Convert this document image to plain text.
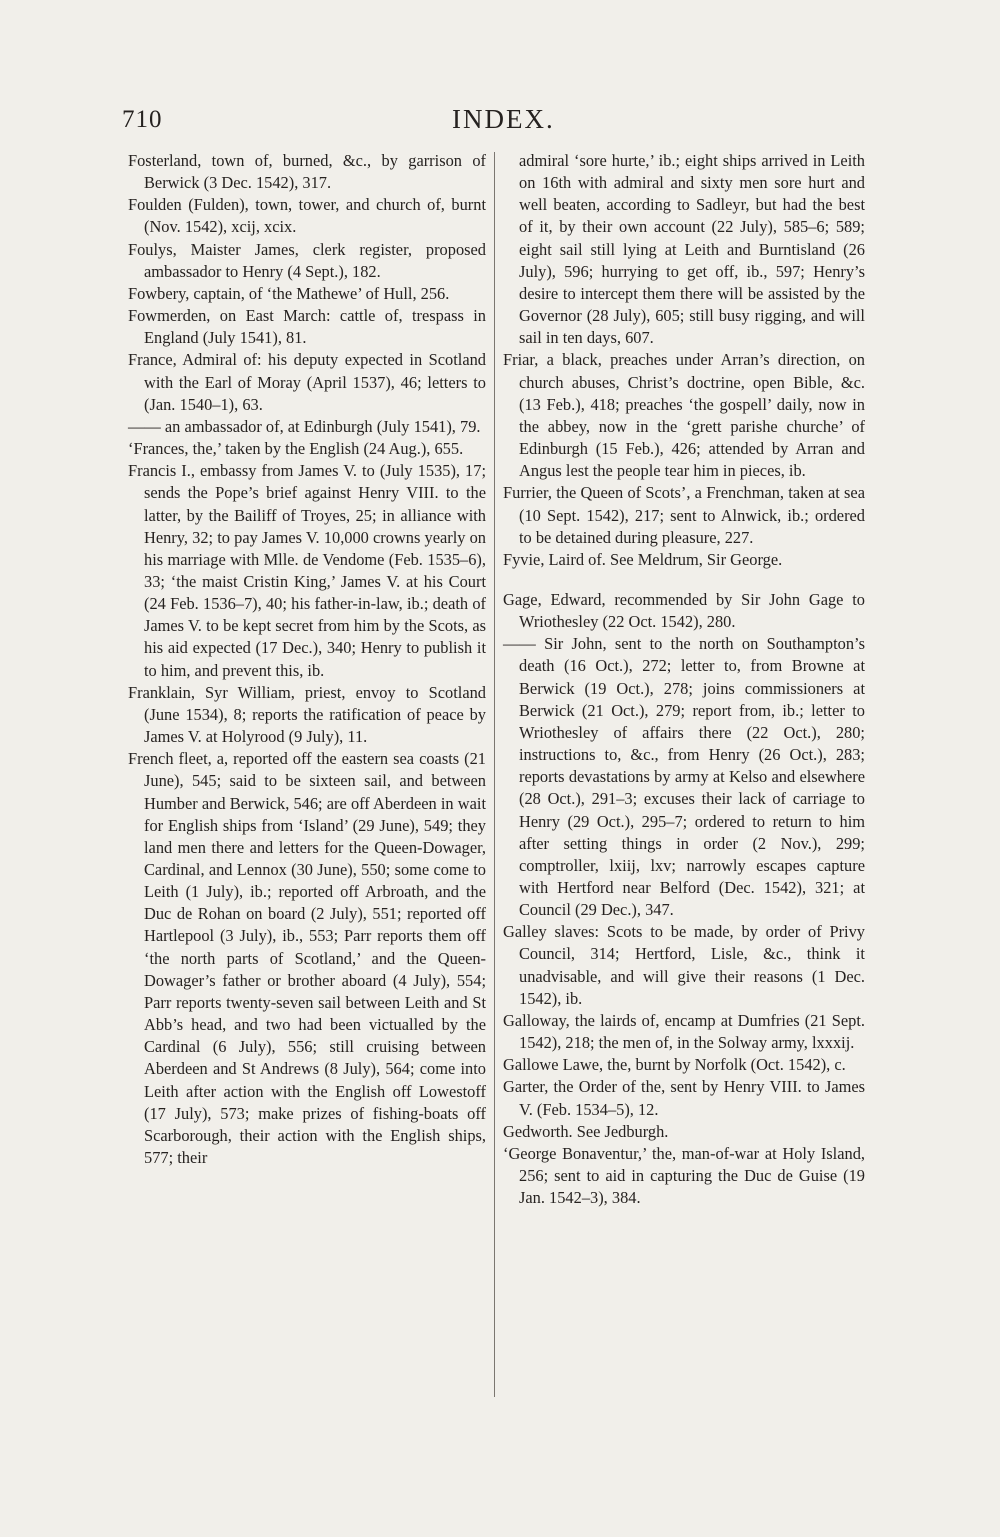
710	INDEX.

Fosterland, town of, burned, &c., by garrison of Berwick (3 Dec. 1542), 317.

Foulden (Fulden), town, tower, and church of, burnt (Nov. 1542), xcij, xcix.

Foulys, Maister James, clerk register, proposed ambassador to Henry (4 Sept.), 182.

Fowbery, captain, of ‘the Mathewe’ of Hull, 256.

Fowmerden, on East March: cattle of, trespass in England (July 1541), 81.

France, Admiral of: his deputy expected in Scotland with the Earl of Moray (April 1537), 46; letters to (Jan. 1540–1), 63.

—— an ambassador of, at Edinburgh (July 1541), 79.

‘Frances, the,’ taken by the English (24 Aug.), 655.

Francis I., embassy from James V. to (July 1535), 17; sends the Pope’s brief against Henry VIII. to the latter, by the Bailiff of Troyes, 25; in alliance with Henry, 32; to pay James V. 10,000 crowns yearly on his marriage with Mlle. de Vendome (Feb. 1535–6), 33; ‘the maist Cristin King,’ James V. at his Court (24 Feb. 1536–7), 40; his father-in-law, ib.; death of James V. to be kept secret from him by the Scots, as his aid expected (17 Dec.), 340; Henry to publish it to him, and prevent this, ib.

Franklain, Syr William, priest, envoy to Scotland (June 1534), 8; reports the ratification of peace by James V. at Holyrood (9 July), 11.

French fleet, a, reported off the eastern sea coasts (21 June), 545; said to be sixteen sail, and between Humber and Berwick, 546; are off Aberdeen in wait for English ships from ‘Island’ (29 June), 549; they land men there and letters for the Queen-Dowager, Cardinal, and Lennox (30 June), 550; some come to Leith (1 July), ib.; reported off Arbroath, and the Duc de Rohan on board (2 July), 551; reported off Hartlepool (3 July), ib., 553; Parr reports them off ‘the north parts of Scotland,’ and the Queen-Dowager’s father or brother aboard (4 July), 554; Parr reports twenty-seven sail between Leith and St Abb’s head, and two had been victualled by the Cardinal (6 July), 556; still cruising between Aberdeen and St Andrews (8 July), 564; come into Leith after action with the English off Lowestoff (17 July), 573; make prizes of fishing-boats off Scarborough, their action with the English ships, 577; their

admiral ‘sore hurte,’ ib.; eight ships arrived in Leith on 16th with admiral and sixty men sore hurt and well beaten, according to Sadleyr, but had the best of it, by their own account (22 July), 585–6; 589; eight sail still lying at Leith and Burntisland (26 July), 596; hurrying to get off, ib., 597; Henry’s desire to intercept them there will be assisted by the Governor (28 July), 605; still busy rigging, and will sail in ten days, 607.

Friar, a black, preaches under Arran’s direction, on church abuses, Christ’s doctrine, open Bible, &c. (13 Feb.), 418; preaches ‘the gospell’ daily, now in the abbey, now in the ‘grett parishe churche’ of Edinburgh (15 Feb.), 426; attended by Arran and Angus lest the people tear him in pieces, ib.

Furrier, the Queen of Scots’, a Frenchman, taken at sea (10 Sept. 1542), 217; sent to Alnwick, ib.; ordered to be detained during pleasure, 227.

Fyvie, Laird of. See Meldrum, Sir George.

Gage, Edward, recommended by Sir John Gage to Wriothesley (22 Oct. 1542), 280.

—— Sir John, sent to the north on Southampton’s death (16 Oct.), 272; letter to, from Browne at Berwick (19 Oct.), 278; joins commissioners at Berwick (21 Oct.), 279; report from, ib.; letter to Wriothesley of affairs there (22 Oct.), 280; instructions to, &c., from Henry (26 Oct.), 283; reports devastations by army at Kelso and elsewhere (28 Oct.), 291–3; excuses their lack of carriage to Henry (29 Oct.), 295–7; ordered to return to him after setting things in order (2 Nov.), 299; comptroller, lxiij, lxv; narrowly escapes capture with Hertford near Belford (Dec. 1542), 321; at Council (29 Dec.), 347.

Galley slaves: Scots to be made, by order of Privy Council, 314; Hertford, Lisle, &c., think it unadvisable, and will give their reasons (1 Dec. 1542), ib.

Galloway, the lairds of, encamp at Dumfries (21 Sept. 1542), 218; the men of, in the Solway army, lxxxij.

Gallowe Lawe, the, burnt by Norfolk (Oct. 1542), c.

Garter, the Order of the, sent by Henry VIII. to James V. (Feb. 1534–5), 12.

Gedworth. See Jedburgh.

‘George Bonaventur,’ the, man-of-war at Holy Island, 256; sent to aid in capturing the Duc de Guise (19 Jan. 1542–3), 384.
